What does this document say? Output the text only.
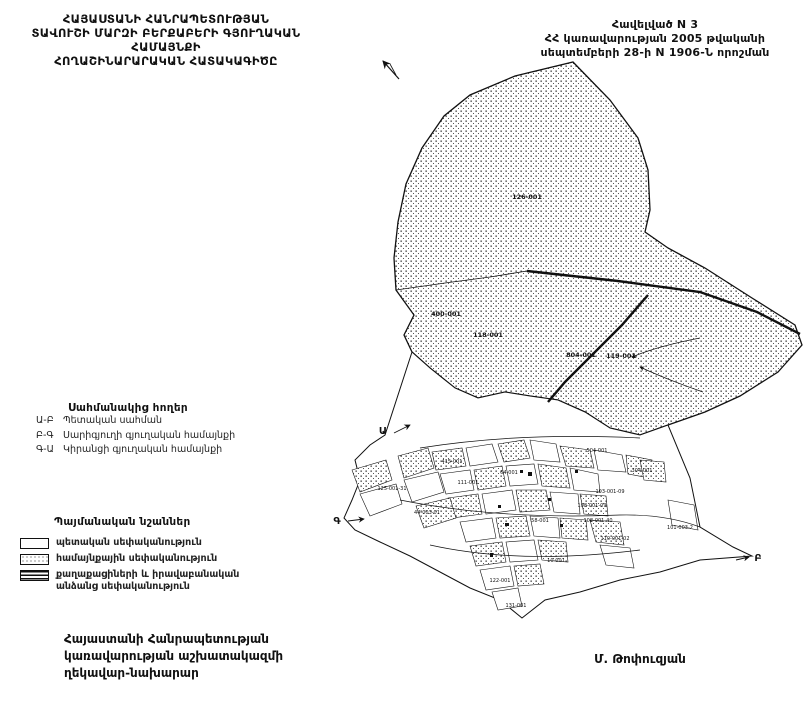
ՀԱՅԱՍՏԱՆԻ ՀԱՆՐԱՊԵՏՈՒԹՅԱՆ
ՏԱՎՈՒՇԻ ՄԱՐԶԻ ԲԵՐՔԱԲԵՐԻ ԳՅՈՒՂԱԿԱՆ ՀԱՄԱՅՆՔԻ
ՀՈՂԱՇԻՆԱՐԱՐԱԿԱՆ ՀԱՏԱԿԱԳԻԾԸ
Հավելված N 3
ՀՀ կառավարության 2005 թվականի
սեպտեմբերի 28-ի N 1906-Ն որոշման
Սահմանակից հողեր
Ա-Բ Պետական սահման
Բ-Գ Սարիգյուղի գյուղական համայնքի
Գ-Ա Կիրանցի գյուղական համայնքի
Պայմանական նշաններ
պետական սեփականություն
համայնքային սեփականություն
քաղաքացիների և իրավաբանական անձանց սեփականություն
Հայաստանի Հանրապետության
կառավարության աշխատակազմի
ղեկավար-նախարար
Մ. Թոփուզյան
126-001
400-001
118-001
804-001 119-001
415-001
111-001
44-003-01
125-001-31
504-001
64-001	304-001
103-001-09
108-001-09
108-001-40
110-001-02
101-003-2
58-001
10-001
122-001
131-001
Ա
Բ
Գ
